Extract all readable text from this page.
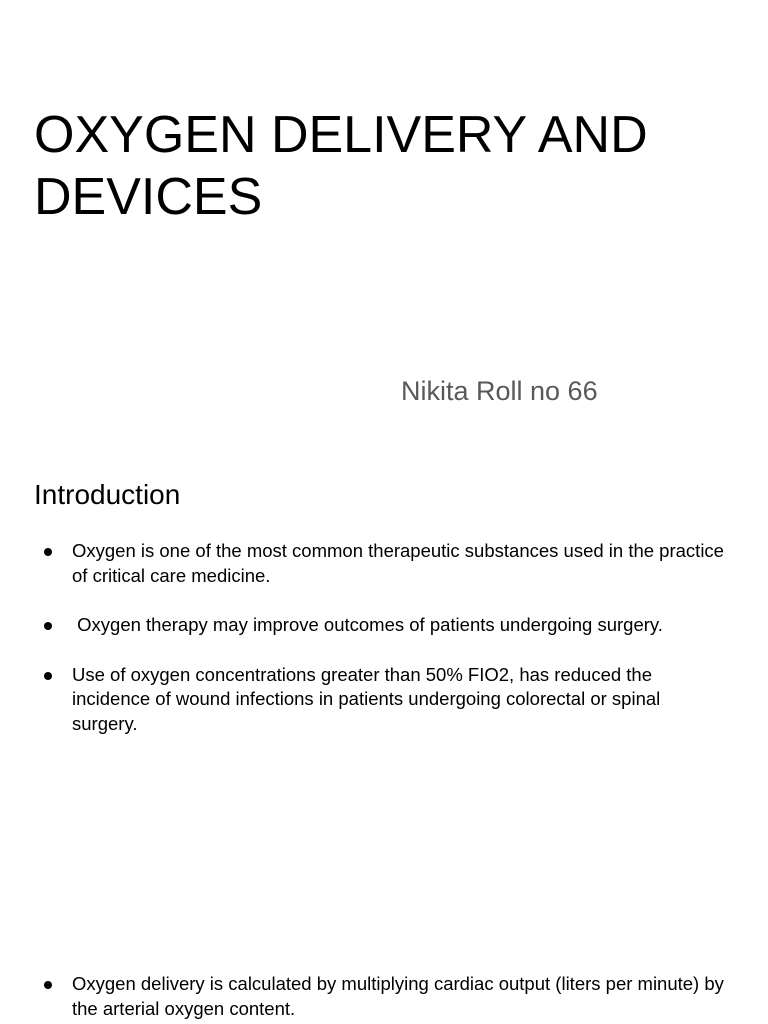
OXYGEN DELIVERY AND DEVICES

Nikita Roll no 66

Introduction
Oxygen is one of the most common therapeutic substances used in the practice of critical care medicine.
Oxygen therapy may improve outcomes of patients undergoing surgery.
Use of oxygen concentrations greater than 50% FIO2, has reduced the incidence of wound infections in patients undergoing colorectal or spinal surgery.
Oxygen delivery is calculated by multiplying cardiac output (liters per minute) by the arterial oxygen content.
